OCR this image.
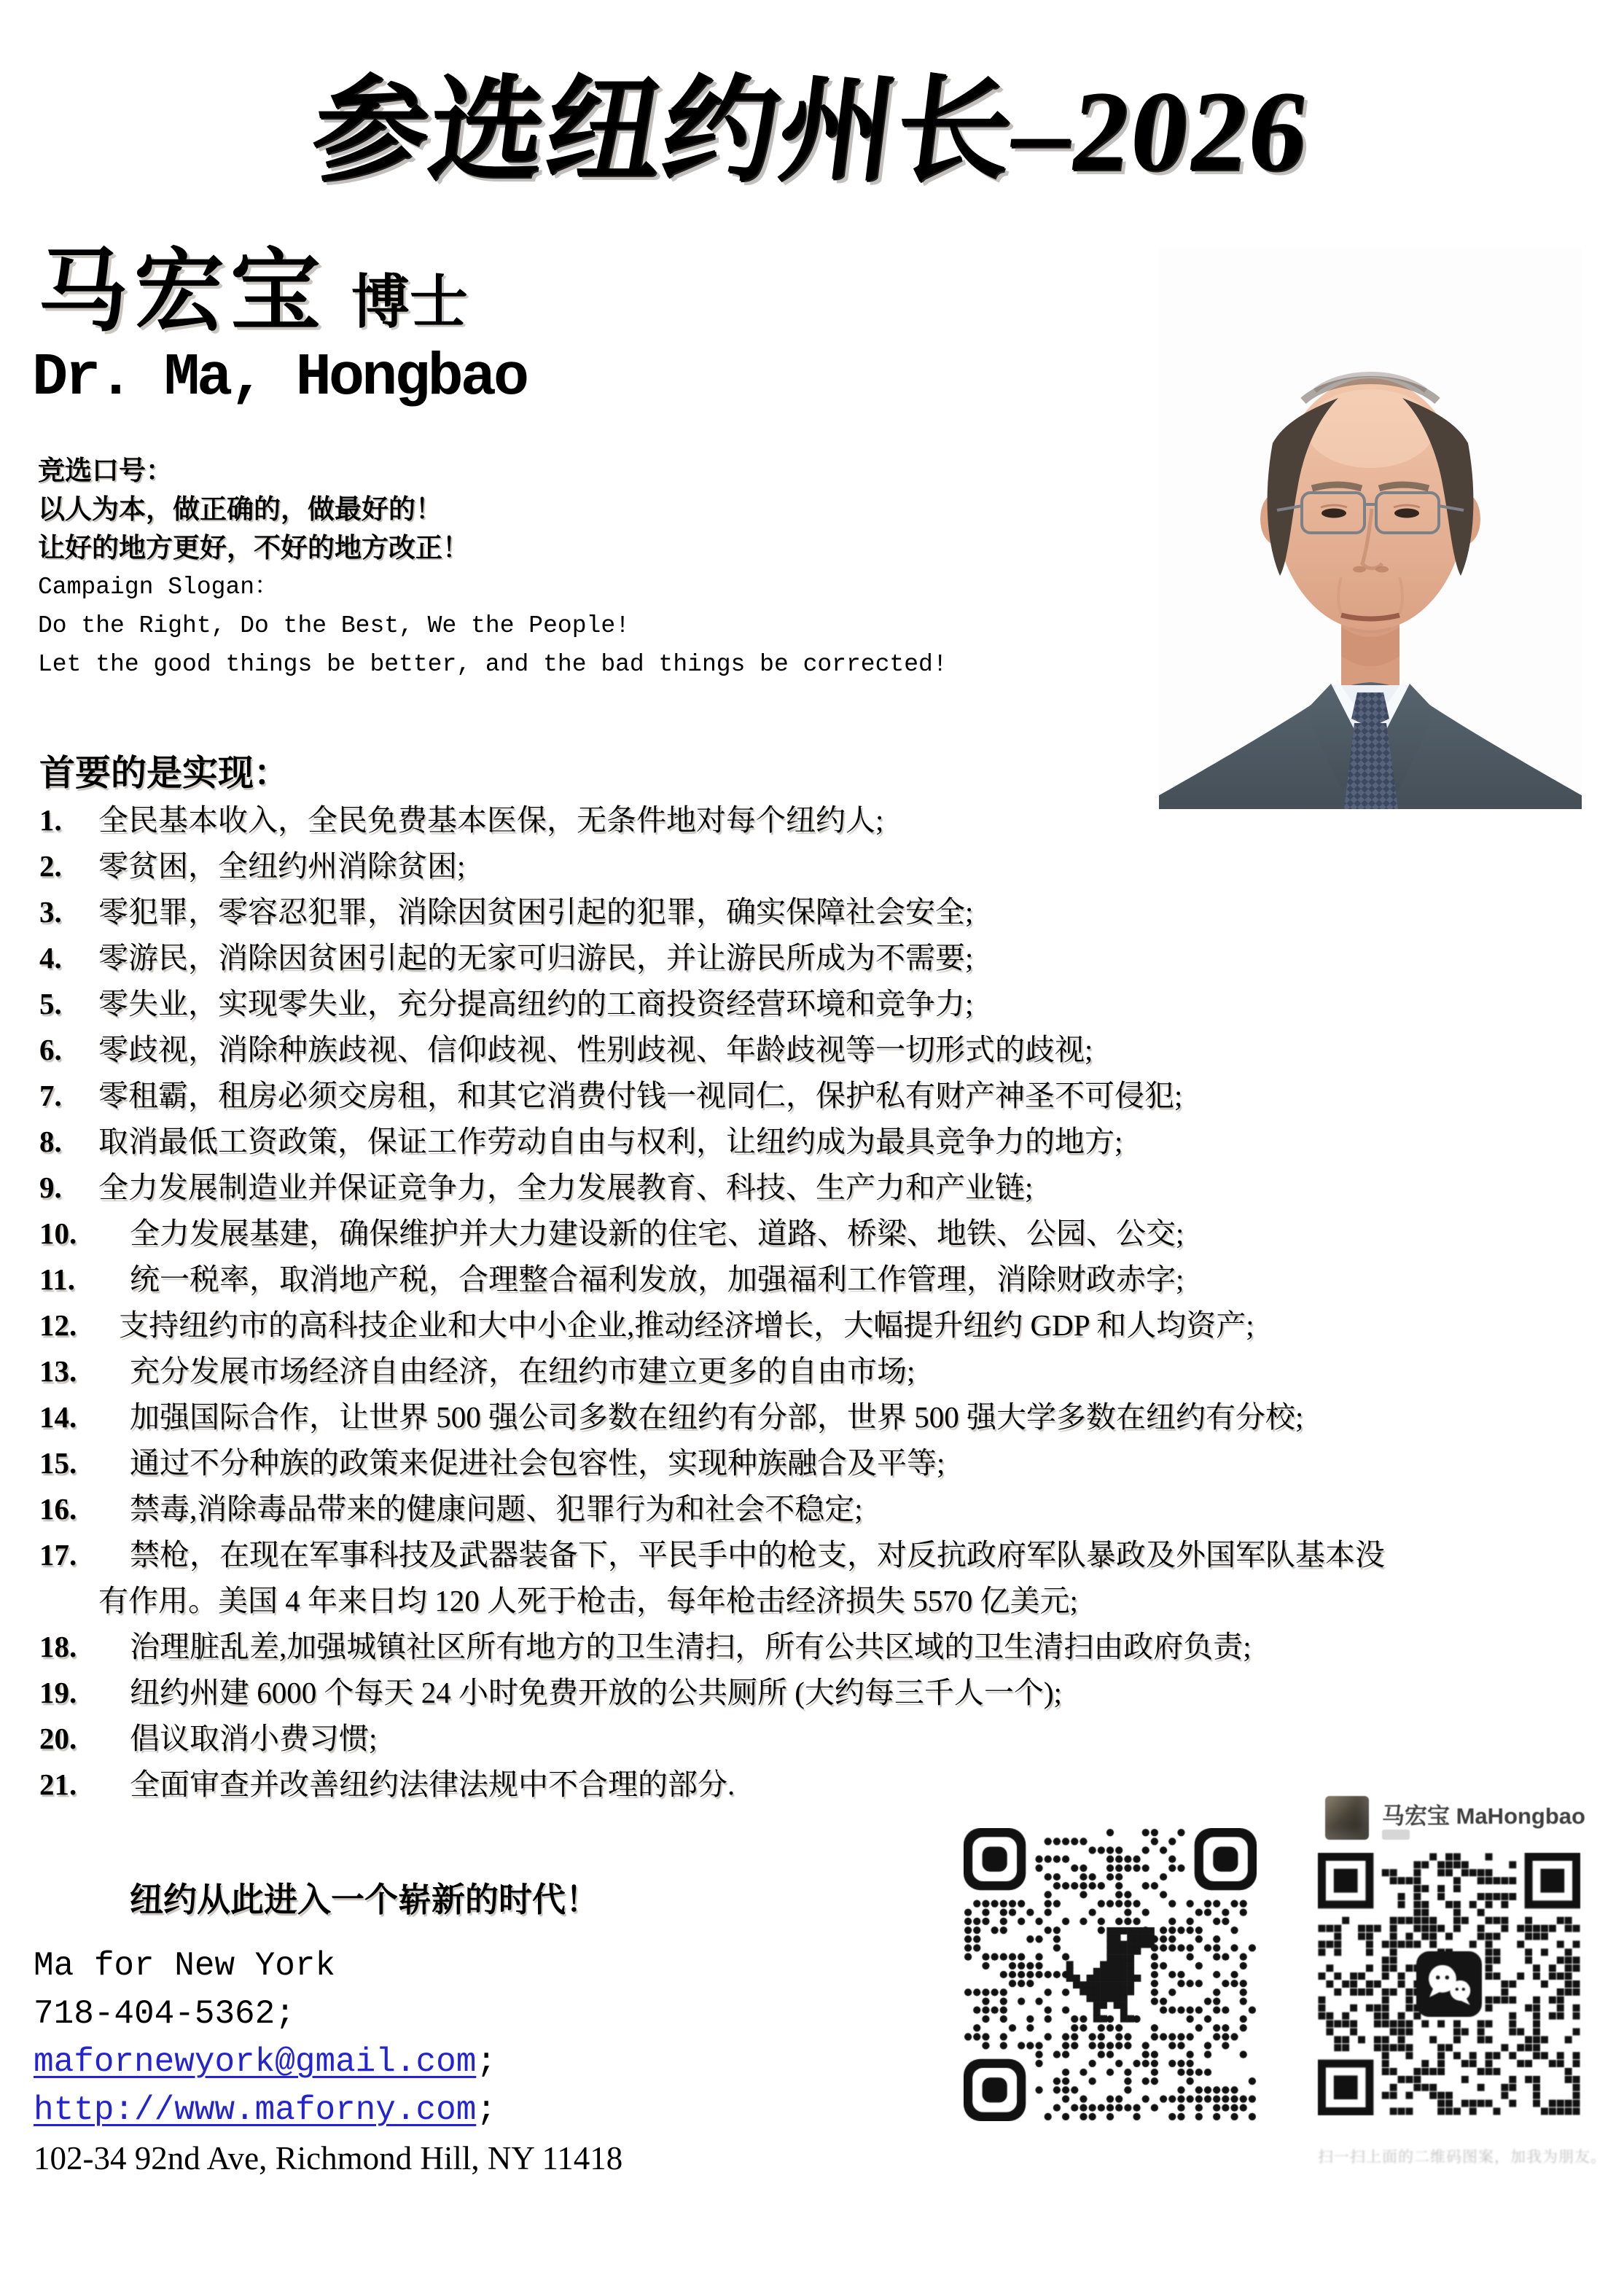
参选纽约州长–2026
马宏宝 博士
Dr. Ma, Hongbao
竞选口号：
以人为本，做正确的，做最好的！
让好的地方更好，不好的地方改正！
Campaign Slogan：
Do the Right, Do the Best, We the People!
Let the good things be better, and the bad things be corrected!
首要的是实现：
1. 全民基本收入，全民免费基本医保，无条件地对每个纽约人;
2. 零贫困，全纽约州消除贫困;
3. 零犯罪，零容忍犯罪，消除因贫困引起的犯罪，确实保障社会安全;
4. 零游民，消除因贫困引起的无家可归游民，并让游民所成为不需要;
5. 零失业，实现零失业，充分提高纽约的工商投资经营环境和竞争力;
6. 零歧视，消除种族歧视、信仰歧视、性别歧视、年龄歧视等一切形式的歧视;
7. 零租霸，租房必须交房租，和其它消费付钱一视同仁，保护私有财产神圣不可侵犯;
8. 取消最低工资政策，保证工作劳动自由与权利，让纽约成为最具竞争力的地方;
9. 全力发展制造业并保证竞争力，全力发展教育、科技、生产力和产业链;
10. 全力发展基建，确保维护并大力建设新的住宅、道路、桥梁、地铁、公园、公交;
11. 统一税率，取消地产税，合理整合福利发放，加强福利工作管理，消除财政赤字;
12. 支持纽约市的高科技企业和大中小企业,推动经济增长，大幅提升纽约 GDP 和人均资产;
13. 充分发展市场经济自由经济，在纽约市建立更多的自由市场;
14. 加强国际合作，让世界 500 强公司多数在纽约有分部，世界 500 强大学多数在纽约有分校;
15. 通过不分种族的政策来促进社会包容性，实现种族融合及平等;
16. 禁毒,消除毒品带来的健康问题、犯罪行为和社会不稳定;
17. 禁枪，在现在军事科技及武器装备下，平民手中的枪支，对反抗政府军队暴政及外国军队基本没有作用。美国 4 年来日均 120 人死于枪击，每年枪击经济损失 5570 亿美元;
18. 治理脏乱差,加强城镇社区所有地方的卫生清扫，所有公共区域的卫生清扫由政府负责;
19. 纽约州建 6000 个每天 24 小时免费开放的公共厕所 (大约每三千人一个);
20. 倡议取消小费习惯;
21. 全面审查并改善纽约法律法规中不合理的部分.
纽约从此进入一个崭新的时代！
Ma for New York
718-404-5362;
mafornewyork@gmail.com;
http://www.maforny.com;
102-34 92nd Ave, Richmond Hill, NY 11418
马宏宝 MaHongbao
扫一扫上面的二维码图案，加我为朋友。
